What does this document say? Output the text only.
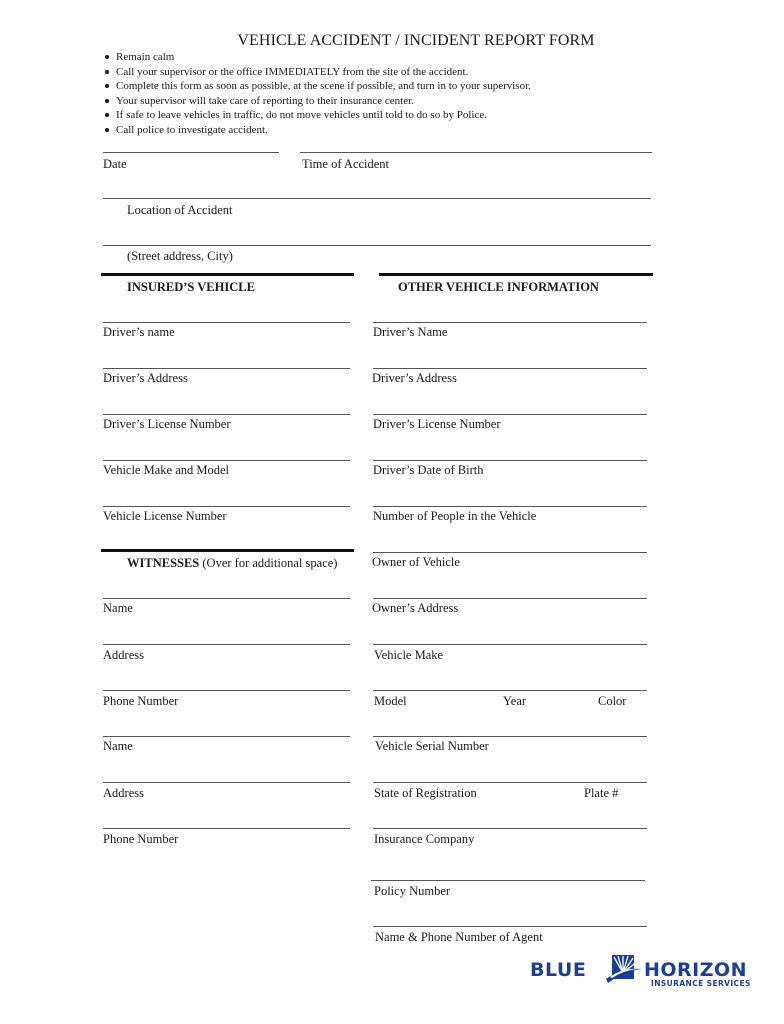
VEHICLE ACCIDENT / INCIDENT REPORT FORM
Remain calm
Call your supervisor or the office IMMEDIATELY from the site of the accident.
Complete this form as soon as possible, at the scene if possible, and turn in to your supervisor.
Your supervisor will take care of reporting to their insurance center.
If safe to leave vehicles in traffic, do not move vehicles until told to do so by Police.
Call police to investigate accident.
Date	Time of Accident
Location of Accident
(Street address, City)
INSURED’S VEHICLE	OTHER VEHICLE INFORMATION
Driver’s name
Driver’s Address
Driver’s License Number
Vehicle Make and Model
Vehicle License Number
WITNESSES (Over for additional space)
Name
Address
Phone Number
Name
Address
Phone Number
Driver’s Name
Driver’s Address
Driver’s License Number
Driver’s Date of Birth
Number of People in the Vehicle
Owner of Vehicle
Owner’s Address
Vehicle Make
Model	Year	Color
Vehicle Serial Number
State of Registration	Plate #
Insurance Company
Policy Number
Name & Phone Number of Agent
BLUE	HORIZON
INSURANCE SERVICES
